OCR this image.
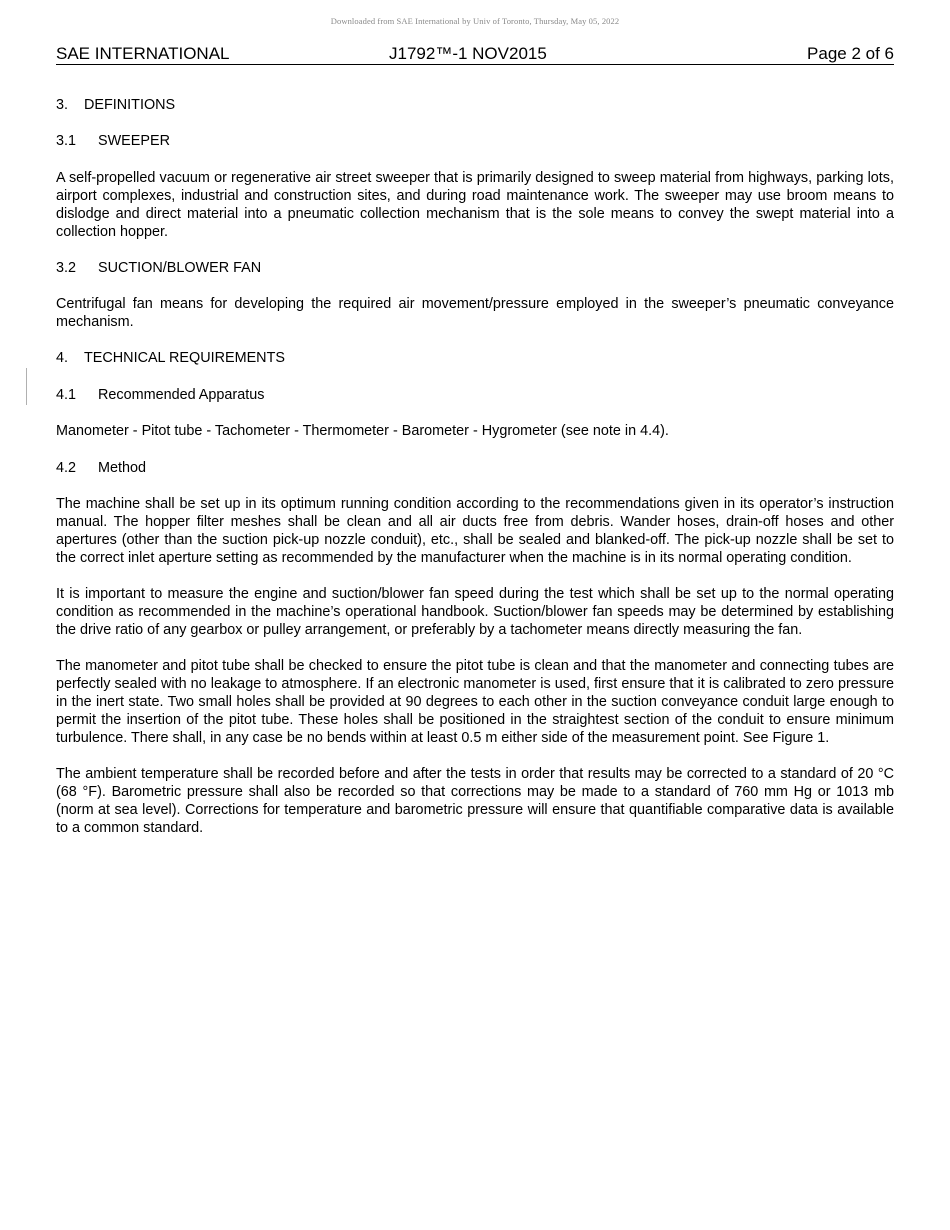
Downloaded from SAE International by Univ of Toronto, Thursday, May 05, 2022
SAE INTERNATIONAL	J1792™-1 NOV2015	Page 2 of 6

3. DEFINITIONS

3.1 SWEEPER

A self-propelled vacuum or regenerative air street sweeper that is primarily designed to sweep material from highways, parking lots, airport complexes, industrial and construction sites, and during road maintenance work. The sweeper may use broom means to dislodge and direct material into a pneumatic collection mechanism that is the sole means to convey the swept material into a collection hopper.

3.2 SUCTION/BLOWER FAN

Centrifugal fan means for developing the required air movement/pressure employed in the sweeper’s pneumatic conveyance mechanism.

4. TECHNICAL REQUIREMENTS

4.1 Recommended Apparatus

Manometer - Pitot tube - Tachometer - Thermometer - Barometer - Hygrometer (see note in 4.4).

4.2 Method

The machine shall be set up in its optimum running condition according to the recommendations given in its operator’s instruction manual. The hopper filter meshes shall be clean and all air ducts free from debris. Wander hoses, drain-off hoses and other apertures (other than the suction pick-up nozzle conduit), etc., shall be sealed and blanked-off. The pick-up nozzle shall be set to the correct inlet aperture setting as recommended by the manufacturer when the machine is in its normal operating condition.

It is important to measure the engine and suction/blower fan speed during the test which shall be set up to the normal operating condition as recommended in the machine’s operational handbook. Suction/blower fan speeds may be determined by establishing the drive ratio of any gearbox or pulley arrangement, or preferably by a tachometer means directly measuring the fan.

The manometer and pitot tube shall be checked to ensure the pitot tube is clean and that the manometer and connecting tubes are perfectly sealed with no leakage to atmosphere. If an electronic manometer is used, first ensure that it is calibrated to zero pressure in the inert state. Two small holes shall be provided at 90 degrees to each other in the suction conveyance conduit large enough to permit the insertion of the pitot tube. These holes shall be positioned in the straightest section of the conduit to ensure minimum turbulence. There shall, in any case be no bends within at least 0.5 m either side of the measurement point. See Figure 1.

The ambient temperature shall be recorded before and after the tests in order that results may be corrected to a standard of 20 °C (68 °F). Barometric pressure shall also be recorded so that corrections may be made to a standard of 760 mm Hg or 1013 mb (norm at sea level). Corrections for temperature and barometric pressure will ensure that quantifiable comparative data is available to a common standard.
